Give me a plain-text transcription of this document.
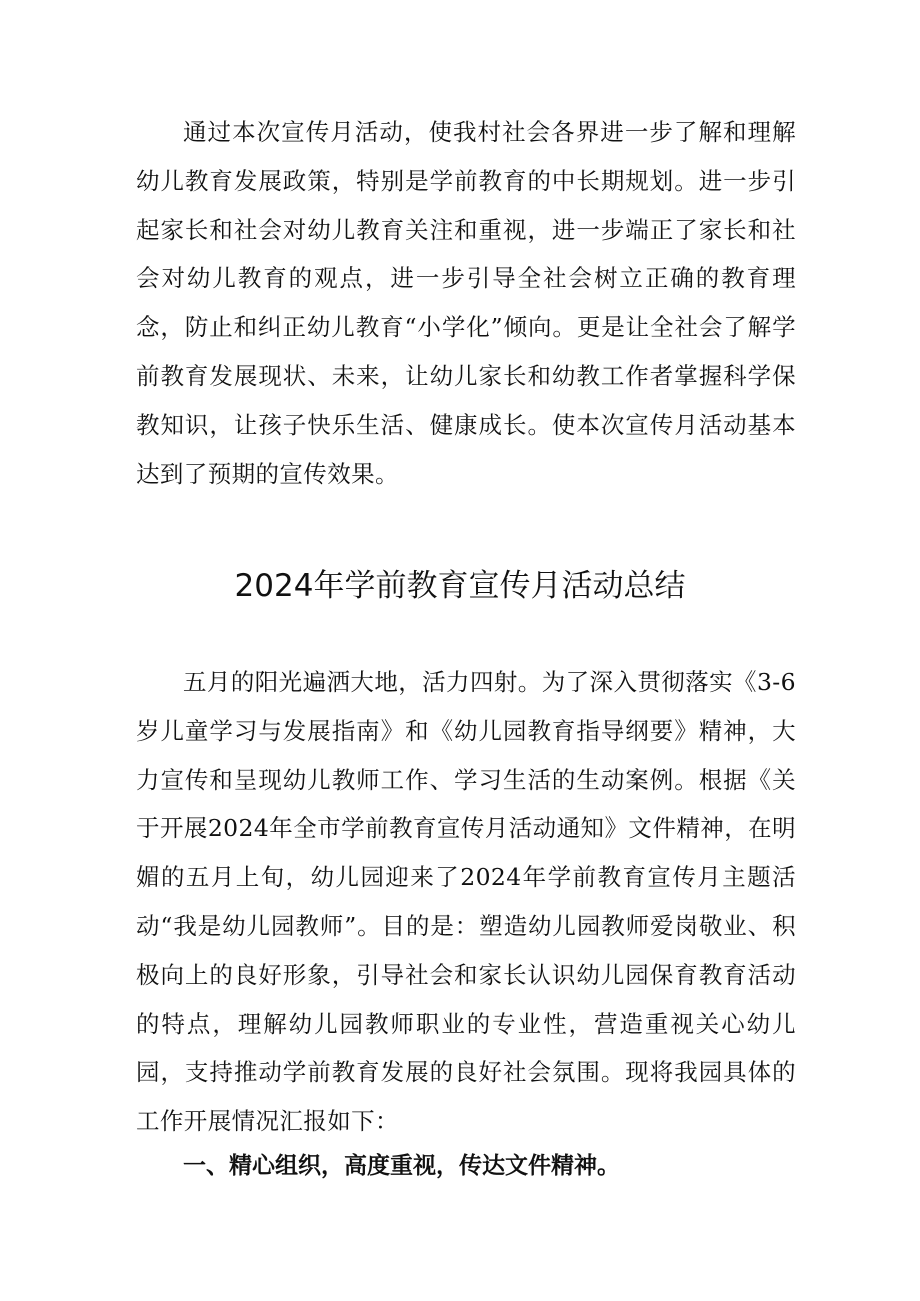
通过本次宣传月活动，使我村社会各界进一步了解和理解幼儿教育发展政策，特别是学前教育的中长期规划。进一步引起家长和社会对幼儿教育关注和重视，进一步端正了家长和社会对幼儿教育的观点，进一步引导全社会树立正确的教育理念，防止和纠正幼儿教育“小学化”倾向。更是让全社会了解学前教育发展现状、未来，让幼儿家长和幼教工作者掌握科学保教知识，让孩子快乐生活、健康成长。使本次宣传月活动基本达到了预期的宣传效果。

2024年学前教育宣传月活动总结

五月的阳光遍洒大地，活力四射。为了深入贯彻落实《3-6岁儿童学习与发展指南》和《幼儿园教育指导纲要》精神，大力宣传和呈现幼儿教师工作、学习生活的生动案例。根据《关于开展2024年全市学前教育宣传月活动通知》文件精神，在明媚的五月上旬，幼儿园迎来了2024年学前教育宣传月主题活动“我是幼儿园教师”。目的是：塑造幼儿园教师爱岗敬业、积极向上的良好形象，引导社会和家长认识幼儿园保育教育活动的特点，理解幼儿园教师职业的专业性，营造重视关心幼儿园，支持推动学前教育发展的良好社会氛围。现将我园具体的工作开展情况汇报如下：

一、精心组织，高度重视，传达文件精神。
